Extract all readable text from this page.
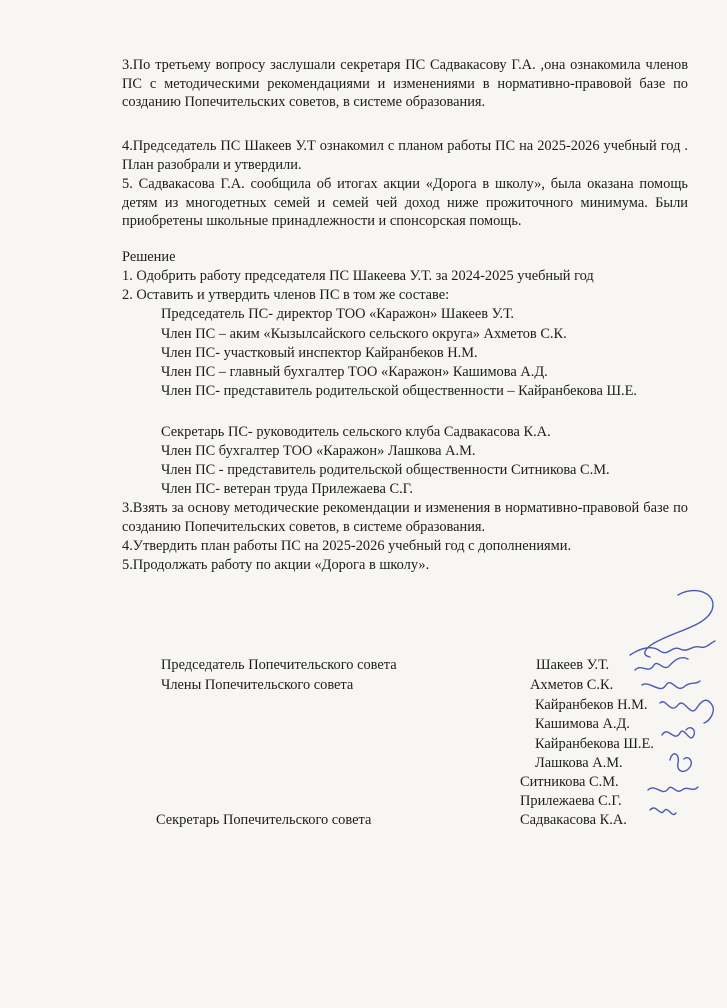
3.По третьему вопросу заслушали секретаря ПС Садвакасову Г.А. ,она ознакомила членов ПС с методическими рекомендациями и изменениями в нормативно-правовой базе по созданию Попечительских советов, в системе образования.
4.Председатель ПС Шакеев У.Т ознакомил с планом работы ПС на 2025-2026 учебный год . План разобрали и утвердили.
5. Садвакасова Г.А. сообщила об итогах акции «Дорога в школу», была оказана помощь детям из многодетных семей и семей чей доход ниже прожиточного минимума. Были приобретены школьные принадлежности и спонсорская помощь.
Решение
1. Одобрить работу председателя ПС Шакеева У.Т. за 2024-2025 учебный год
2. Оставить и утвердить членов ПС в том же составе:
Председатель ПС- директор ТОО «Каражон» Шакеев У.Т.
Член ПС – аким «Кызылсайского сельского округа» Ахметов С.К.
Член ПС- участковый инспектор Кайранбеков Н.М.
Член ПС – главный бухгалтер ТОО «Каражон» Кашимова А.Д.
Член ПС- представитель родительской общественности – Кайранбекова Ш.Е.
Секретарь ПС- руководитель сельского клуба Садвакасова К.А.
Член ПС бухгалтер ТОО «Каражон» Лашкова А.М.
Член ПС - представитель родительской общественности Ситникова С.М.
Член ПС- ветеран труда Прилежаева С.Г.
3.Взять за основу методические рекомендации и изменения в нормативно-правовой базе по созданию Попечительских советов, в системе образования.
4.Утвердить план работы ПС на 2025-2026 учебный год с дополнениями.
5.Продолжать работу по акции «Дорога в школу».
Председатель Попечительского совета
Члены Попечительского совета
Секретарь Попечительского совета
Шакеев У.Т.
Ахметов С.К.
Кайранбеков Н.М.
Кашимова А.Д.
Кайранбекова Ш.Е.
Лашкова А.М.
Ситникова С.М.
Прилежаева С.Г.
Садвакасова К.А.
